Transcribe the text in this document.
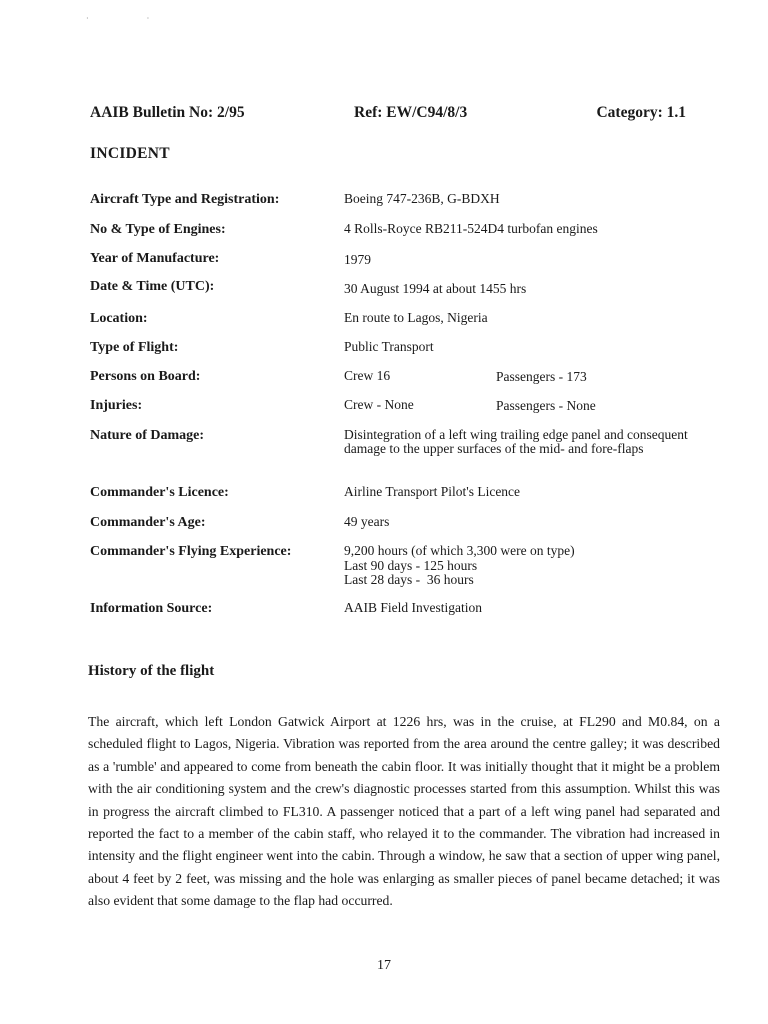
· ·
AAIB Bulletin No: 2/95	Ref: EW/C94/8/3	Category: 1.1
INCIDENT
Aircraft Type and Registration:	Boeing 747-236B, G-BDXH
No & Type of Engines:	4 Rolls-Royce RB211-524D4 turbofan engines
Year of Manufacture:	1979
Date & Time (UTC):	30 August 1994 at about 1455 hrs
Location:	En route to Lagos, Nigeria
Type of Flight:	Public Transport
Persons on Board:	Crew 16	Passengers - 173
Injuries:	Crew - None	Passengers - None
Nature of Damage:	Disintegration of a left wing trailing edge panel and consequent damage to the upper surfaces of the mid- and fore-flaps
Commander's Licence:	Airline Transport Pilot's Licence
Commander's Age:	49 years
Commander's Flying Experience:	9,200 hours (of which 3,300 were on type)
Last 90 days - 125 hours
Last 28 days -  36 hours
Information Source:	AAIB Field Investigation
History of the flight
The aircraft, which left London Gatwick Airport at 1226 hrs, was in the cruise, at FL290 and M0.84, on a scheduled flight to Lagos, Nigeria. Vibration was reported from the area around the centre galley; it was described as a 'rumble' and appeared to come from beneath the cabin floor. It was initially thought that it might be a problem with the air conditioning system and the crew's diagnostic processes started from this assumption. Whilst this was in progress the aircraft climbed to FL310. A passenger noticed that a part of a left wing panel had separated and reported the fact to a member of the cabin staff, who relayed it to the commander. The vibration had increased in intensity and the flight engineer went into the cabin. Through a window, he saw that a section of upper wing panel, about 4 feet by 2 feet, was missing and the hole was enlarging as smaller pieces of panel became detached; it was also evident that some damage to the flap had occurred.
17
